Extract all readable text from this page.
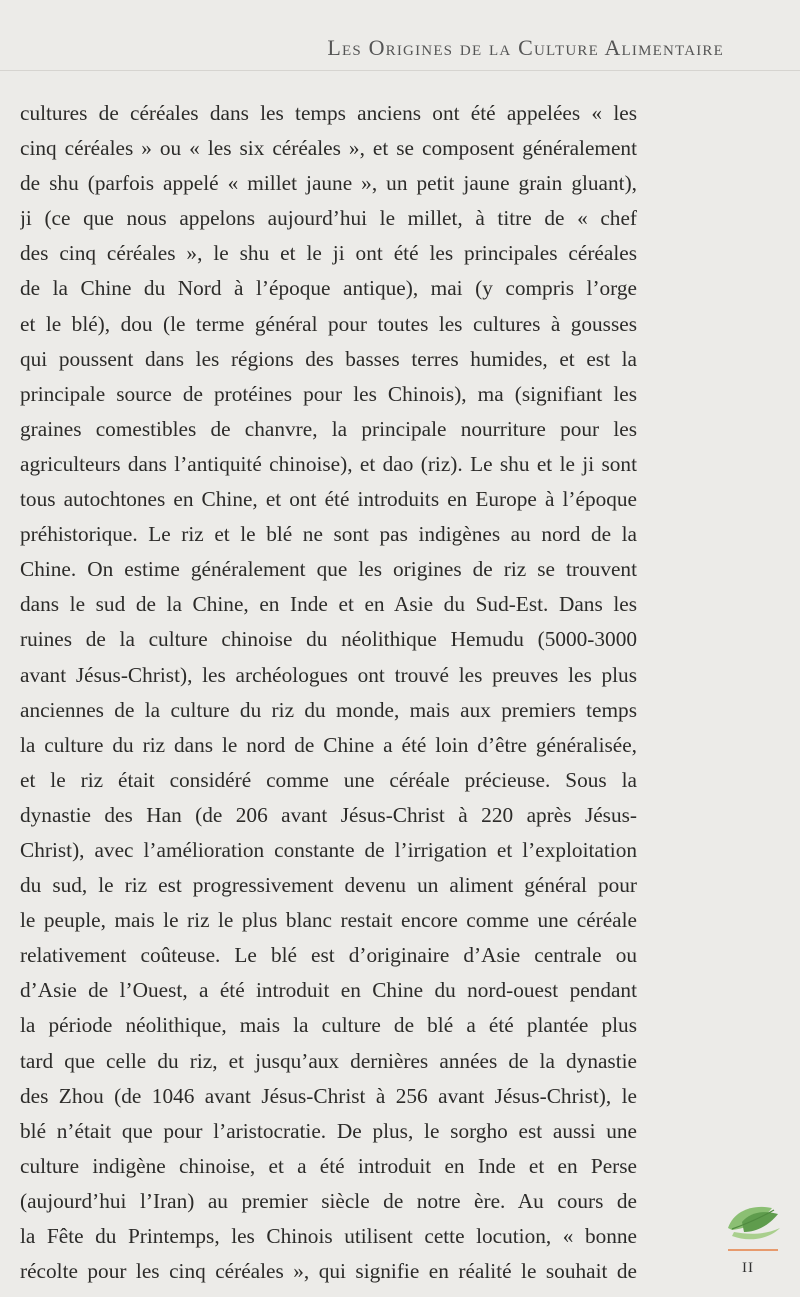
Les Origines de la Culture Alimentaire
cultures de céréales dans les temps anciens ont été appelées « les
cinq céréales » ou « les six céréales », et se composent généralement
de shu (parfois appelé « millet jaune », un petit jaune grain gluant),
ji (ce que nous appelons aujourd’hui le millet, à titre de « chef
des cinq céréales », le shu et le ji ont été les principales céréales
de la Chine du Nord à l’époque antique), mai (y compris l’orge
et le blé), dou (le terme général pour toutes les cultures à gousses
qui poussent dans les régions des basses terres humides, et est la
principale source de protéines pour les Chinois), ma (signifiant les
graines comestibles de chanvre, la principale nourriture pour les
agriculteurs dans l’antiquité chinoise), et dao (riz). Le shu et le ji sont
tous autochtones en Chine, et ont été introduits en Europe à l’époque
préhistorique. Le riz et le blé ne sont pas indigènes au nord de la
Chine. On estime généralement que les origines de riz se trouvent
dans le sud de la Chine, en Inde et en Asie du Sud-Est. Dans les
ruines de la culture chinoise du néolithique Hemudu (5000-3000
avant Jésus-Christ), les archéologues ont trouvé les preuves les plus
anciennes de la culture du riz du monde, mais aux premiers temps
la culture du riz dans le nord de Chine a été loin d’être généralisée,
et le riz était considéré comme une céréale précieuse. Sous la
dynastie des Han (de 206 avant Jésus-Christ à 220 après Jésus-
Christ), avec l’amélioration constante de l’irrigation et l’exploitation
du sud, le riz est progressivement devenu un aliment général pour
le peuple, mais le riz le plus blanc restait encore comme une céréale
relativement coûteuse. Le blé est d’originaire d’Asie centrale ou
d’Asie de l’Ouest, a été introduit en Chine du nord-ouest pendant
la période néolithique, mais la culture de blé a été plantée plus
tard que celle du riz, et jusqu’aux dernières années de la dynastie
des Zhou (de 1046 avant Jésus-Christ à 256 avant Jésus-Christ), le
blé n’était que pour l’aristocratie. De plus, le sorgho est aussi une
culture indigène chinoise, et a été introduit en Inde et en Perse
(aujourd’hui l’Iran) au premier siècle de notre ère. Au cours de
la Fête du Printemps, les Chinois utilisent cette locution, « bonne
récolte pour les cinq céréales », qui signifie en réalité le souhait de	II
